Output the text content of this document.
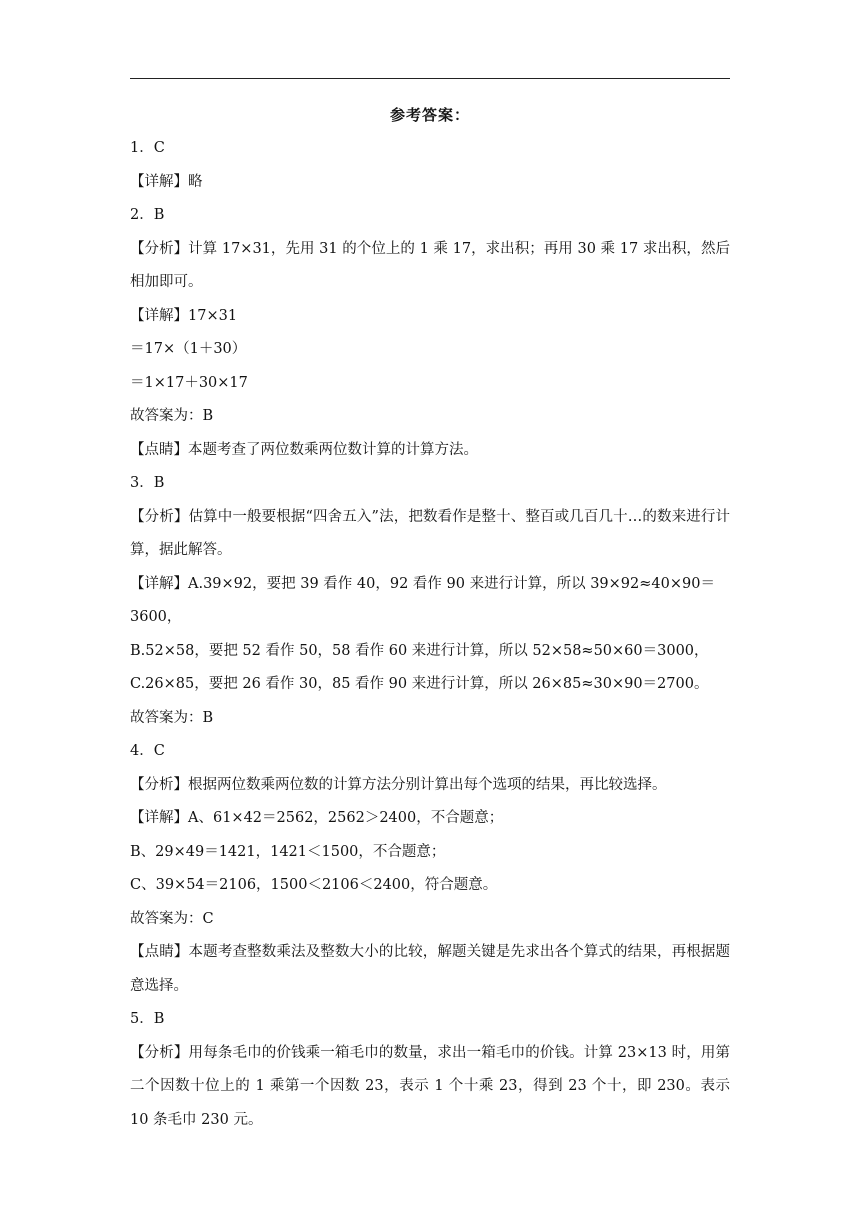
参考答案：
1．C
【详解】略
2．B
【分析】计算 17×31，先用 31 的个位上的 1 乘 17，求出积；再用 30 乘 17 求出积，然后相加即可。
【详解】17×31
＝17×（1＋30）
＝1×17＋30×17
故答案为：B
【点睛】本题考查了两位数乘两位数计算的计算方法。
3．B
【分析】估算中一般要根据“四舍五入”法，把数看作是整十、整百或几百几十…的数来进行计算，据此解答。
【详解】A.39×92，要把 39 看作 40，92 看作 90 来进行计算，所以 39×92≈40×90＝3600，
B.52×58，要把 52 看作 50，58 看作 60 来进行计算，所以 52×58≈50×60＝3000，
C.26×85，要把 26 看作 30，85 看作 90 来进行计算，所以 26×85≈30×90＝2700。
故答案为：B
4．C
【分析】根据两位数乘两位数的计算方法分别计算出每个选项的结果，再比较选择。
【详解】A、61×42＝2562，2562＞2400，不合题意；
B、29×49＝1421，1421＜1500，不合题意；
C、39×54＝2106，1500＜2106＜2400，符合题意。
故答案为：C
【点睛】本题考查整数乘法及整数大小的比较，解题关键是先求出各个算式的结果，再根据题意选择。
5．B
【分析】用每条毛巾的价钱乘一箱毛巾的数量，求出一箱毛巾的价钱。计算 23×13 时，用第二个因数十位上的 1 乘第一个因数 23，表示 1 个十乘 23，得到 23 个十，即 230。表示 10 条毛巾 230 元。
